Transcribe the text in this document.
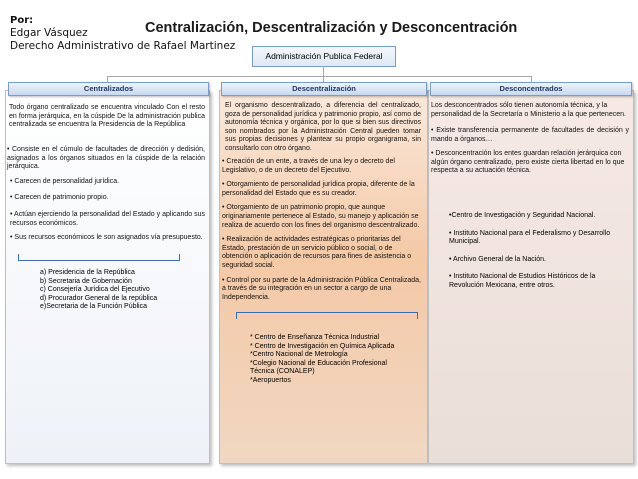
Por:
Edgar Vásquez
Derecho Administrativo de Rafael Martinez
Centralización, Descentralización y Desconcentración
Administración Publica Federal
Centralizados	Descentralización	Desconcentrados
Todo órgano centralizado se encuentra vinculado Con el resto en forma jerárquica, en la cúspide De la administración publica centralizada se encuentra la Presidencia de la República

• Consiste en el cúmulo de facultades de dirección y dedisión, asignados a los órganos situados en la cúspide de la relación jerárquica.

• Carecen de personalidad jurídica.

• Carecen de patrimonio propio.

• Actúan ejerciendo la personalidad del Estado y aplicando sus recursos económicos.

• Sus recursos económicos le son asignados vía presupuesto.

a) Presidencia de la República
b) Secretaria de Gobernación
c) Consejería Jurídica del Ejecutivo
d) Procurador General de la república
e)Secretaria de la Función Pública
El organismo descentralizado, a diferencia del centralizado, goza de personalidad jurídica y patrimonio propio, así como de autonomía técnica y orgánica, por lo que si bien sus directivos son nombrados por la Administración Central pueden tomar sus propias decisiones y plantear su propio organigrama, sin consultarlo con otro órgano.

• Creación de un ente, a través de una ley o decreto del Legislativo, o de un decreto del Ejecutivo.

• Otorgamiento de personalidad jurídica propia, diferente de la personalidad del Estado que es su creador.

• Otorgamiento de un patrimonio propio, que aunque originariamente pertenece al Estado, su manejo y aplicación se realiza de acuerdo con los fines del organismo descentralizado.

• Realización de actividades estratégicas o prioritarias del Estado, prestación de un servicio público o social, o de obtención o aplicación de recursos para fines de asistencia o seguridad social.

• Control por su parte de la Administración Pública Centralizada, a través de su integración en un sector a cargo de una Independencia.

* Centro de Enseñanza Técnica Industrial
* Centro de Investigación en Química Aplicada
*Centro Nacional de Metrología
*Colegio Nacional de Educación Profesional Técnica (CONALEP)
*Aeropuertos
Los desconcentrados sólo tienen autonomía técnica, y la personalidad de la Secretaría o Ministerio a la que pertenecen.

• Existe transferencia permanente de facultades de decisión y mando a órganos…

• Desconcentración los entes guardan relación jerárquica con algún órgano centralizado, pero existe cierta libertad en lo que respecta a su actuación técnica.

•Centro de Investigación y Seguridad Nacional.
• Instituto Nacional para el Federalismo y Desarrollo Municipal.
• Archivo General de la Nación.
• Instituto Nacional de Estudios Históricos de la Revolución Mexicana, entre otros.
